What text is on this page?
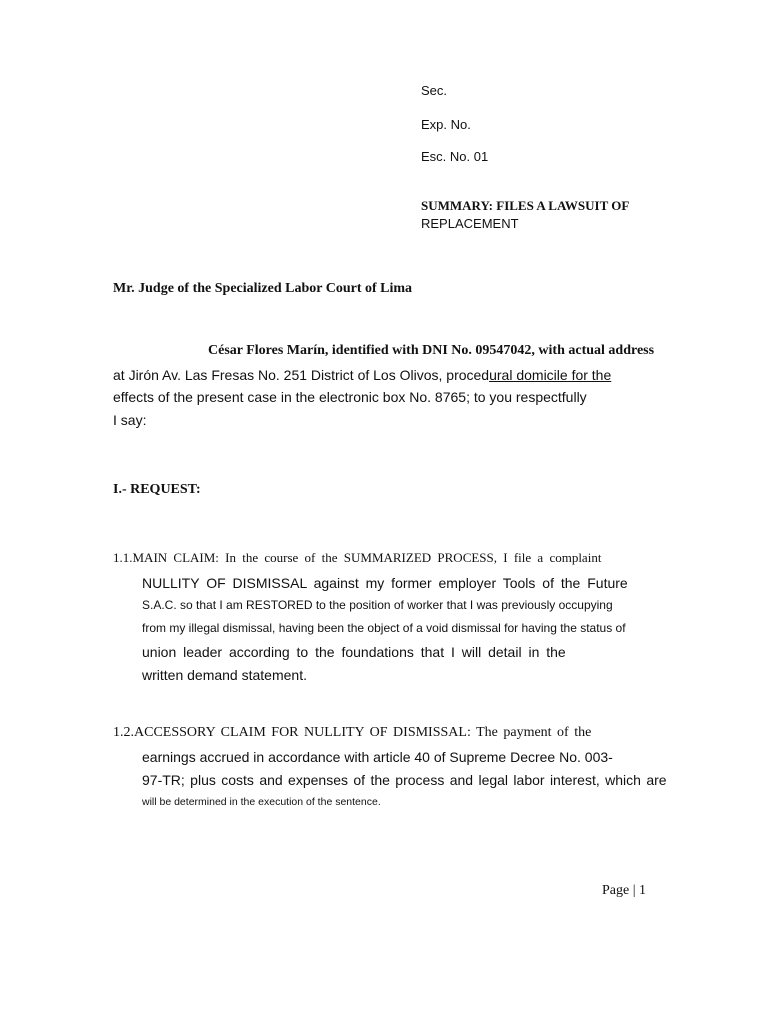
Sec.
Exp. No.
Esc. No. 01
SUMMARY: FILES A LAWSUIT OF
REPLACEMENT
Mr. Judge of the Specialized Labor Court of Lima
César Flores Marín, identified with DNI No. 09547042, with actual address
at Jirón Av. Las Fresas No. 251 District of Los Olivos, procedural domicile for the
effects of the present case in the electronic box No. 8765; to you respectfully
I say:
I.- REQUEST:
1.1.MAIN CLAIM: In the course of the SUMMARIZED PROCESS, I file a complaint
NULLITY OF DISMISSAL against my former employer Tools of the Future
S.A.C. so that I am RESTORED to the position of worker that I was previously occupying
from my illegal dismissal, having been the object of a void dismissal for having the status of
union leader according to the foundations that I will detail in the
written demand statement.
1.2.ACCESSORY CLAIM FOR NULLITY OF DISMISSAL: The payment of the
earnings accrued in accordance with article 40 of Supreme Decree No. 003-
97-TR; plus costs and expenses of the process and legal labor interest, which are
will be determined in the execution of the sentence.
Page | 1
